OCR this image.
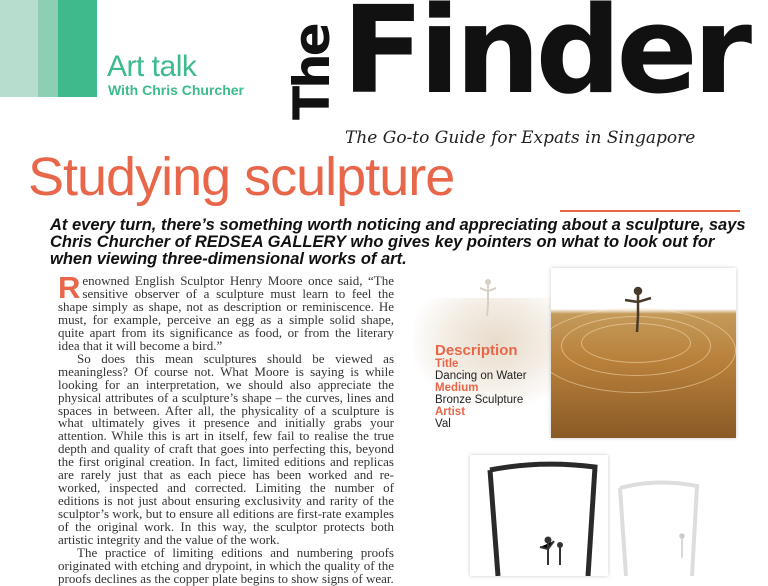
Art talk
With Chris Churcher The Finder
The Go-to Guide for Expats in Singapore
Studying sculpture
At every turn, there’s something worth noticing and appreciating about a sculpture, says Chris Churcher of REDSEA GALLERY who gives key pointers on what to look out for when viewing three-dimensional works of art.

Renowned English Sculptor Henry Moore once said, “The sensitive observer of a sculpture must learn to feel the shape simply as shape, not as description or reminiscence. He must, for example, perceive an egg as a simple solid shape, quite apart from its significance as food, or from the literary idea that it will become a bird.”

So does this mean sculptures should be viewed as meaningless? Of course not. What Moore is saying is while looking for an interpretation, we should also appreciate the physical attributes of a sculpture’s shape – the curves, lines and spaces in between. After all, the physicality of a sculpture is what ultimately gives it presence and initially grabs your attention. While this is art in itself, few fail to realise the true depth and quality of craft that goes into perfecting this, beyond the first original creation. In fact, limited editions and replicas are rarely just that as each piece has been worked and re-worked, inspected and corrected. Limiting the number of editions is not just about ensuring exclusivity and rarity of the sculptor’s work, but to ensure all editions are first-rate examples of the original work. In this way, the sculptor protects both artistic integrity and the value of the work.

The practice of limiting editions and numbering proofs originated with etching and drypoint, in which the quality of the proofs declines as the copper plate begins to show signs of wear.

Description
Title
Dancing on Water
Medium
Bronze Sculpture
Artist
Val
